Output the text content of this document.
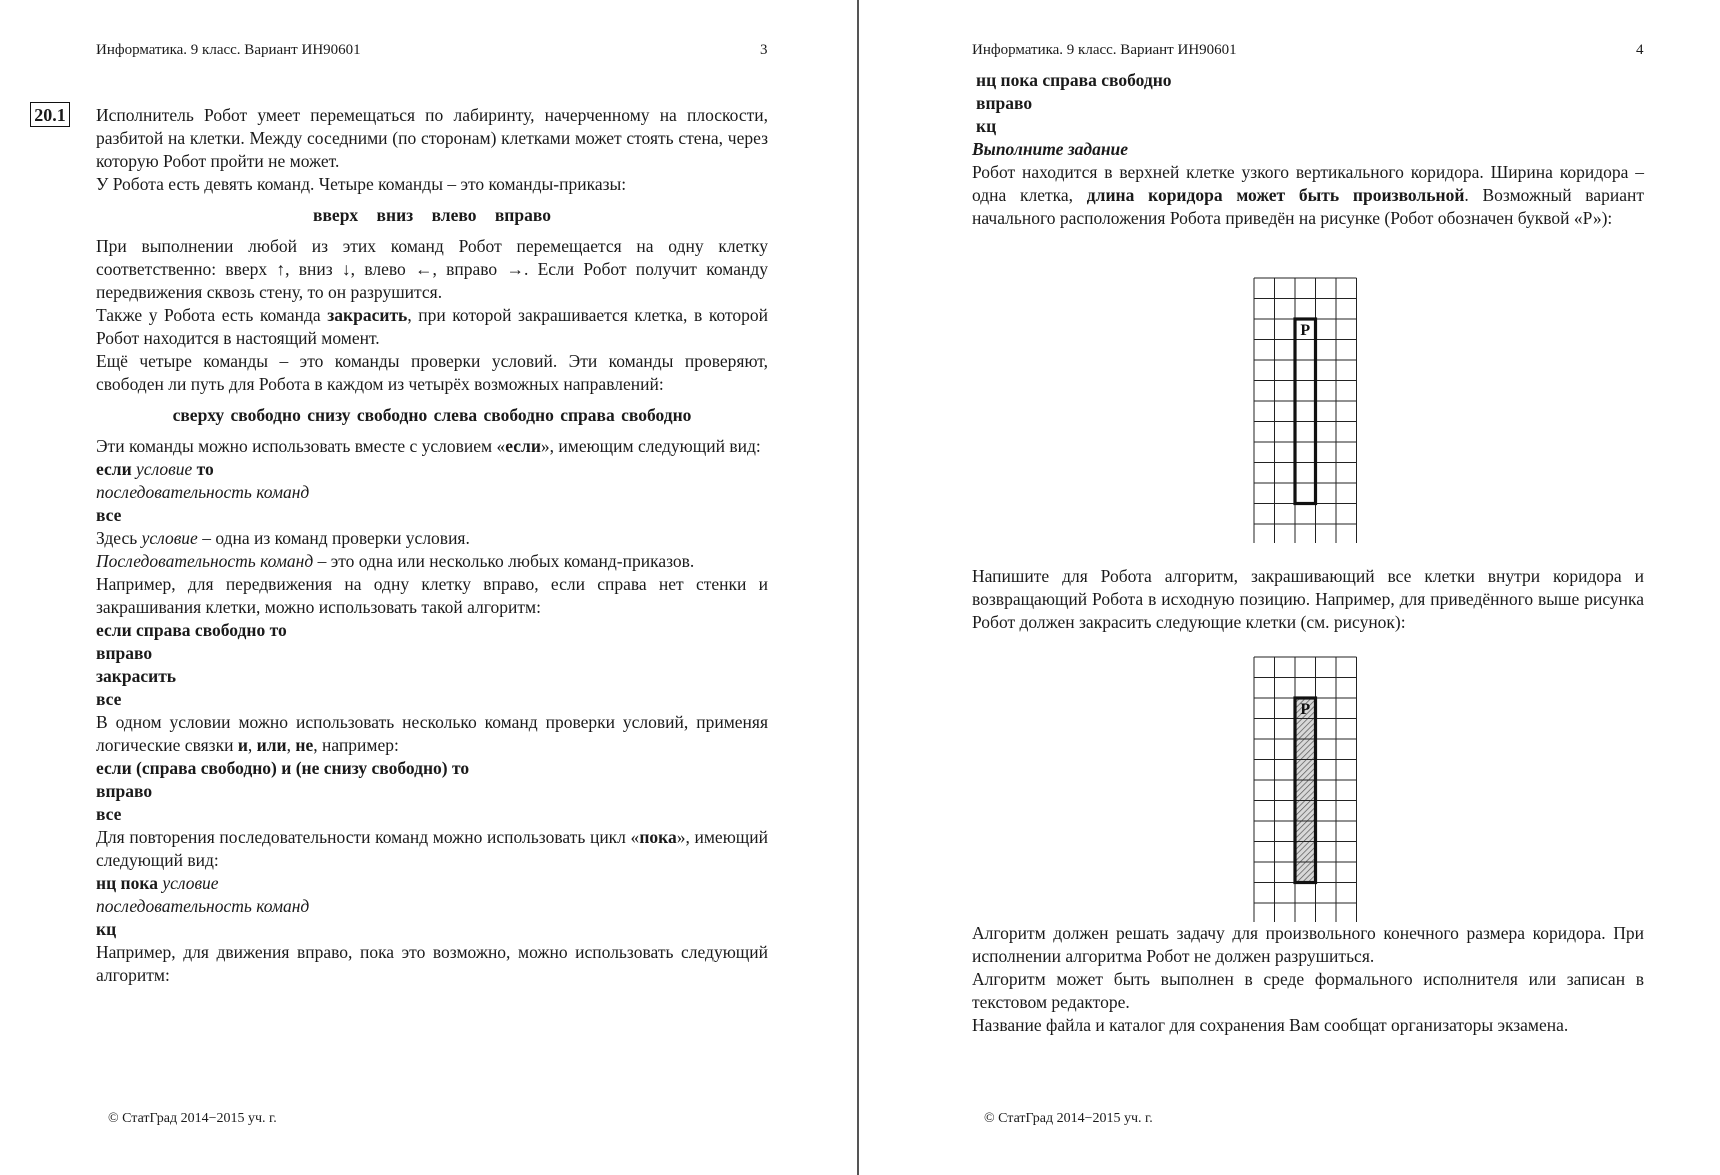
Информатика. 9 класс. Вариант ИН90601	3
20.1 Исполнитель Робот умеет перемещаться по лабиринту, начерченному на плоскости, разбитой на клетки. Между соседними (по сторонам) клетками может стоять стена, через которую Робот пройти не может.

У Робота есть девять команд. Четыре команды – это команды-приказы:

вверх вниз влево вправо

При выполнении любой из этих команд Робот перемещается на одну клетку соответственно: вверх ↑, вниз ↓, влево ←, вправо →. Если Робот получит команду передвижения сквозь стену, то он разрушится.

Также у Робота есть команда закрасить, при которой закрашивается клетка, в которой Робот находится в настоящий момент.

Ещё четыре команды – это команды проверки условий. Эти команды проверяют, свободен ли путь для Робота в каждом из четырёх возможных направлений:

сверху свободно снизу свободно слева свободно справа свободно

Эти команды можно использовать вместе с условием «если», имеющим следующий вид:

если условие то

последовательность команд

все

Здесь условие – одна из команд проверки условия.

Последовательность команд – это одна или несколько любых команд-приказов.

Например, для передвижения на одну клетку вправо, если справа нет стенки и закрашивания клетки, можно использовать такой алгоритм:

если справа свободно то

вправо

закрасить

все

В одном условии можно использовать несколько команд проверки условий, применяя логические связки и, или, не, например:

если (справа свободно) и (не снизу свободно) то

вправо

все

Для повторения последовательности команд можно использовать цикл «пока», имеющий следующий вид:

нц пока условие

последовательность команд

кц

Например, для движения вправо, пока это возможно, можно использовать следующий алгоритм:

© СтатГрад 2014−2015 уч. г.
Информатика. 9 класс. Вариант ИН90601	4

нц пока справа свободно

вправо

кц

Выполните задание

Робот находится в верхней клетке узкого вертикального коридора. Ширина коридора – одна клетка, длина коридора может быть произвольной. Возможный вариант начального расположения Робота приведён на рисунке (Робот обозначен буквой «Р»):

Р

Напишите для Робота алгоритм, закрашивающий все клетки внутри коридора и возвращающий Робота в исходную позицию. Например, для приведённого выше рисунка Робот должен закрасить следующие клетки (см. рисунок):

Р

Алгоритм должен решать задачу для произвольного конечного размера коридора. При исполнении алгоритма Робот не должен разрушиться.

Алгоритм может быть выполнен в среде формального исполнителя или записан в текстовом редакторе.

Название файла и каталог для сохранения Вам сообщат организаторы экзамена.

© СтатГрад 2014−2015 уч. г.
